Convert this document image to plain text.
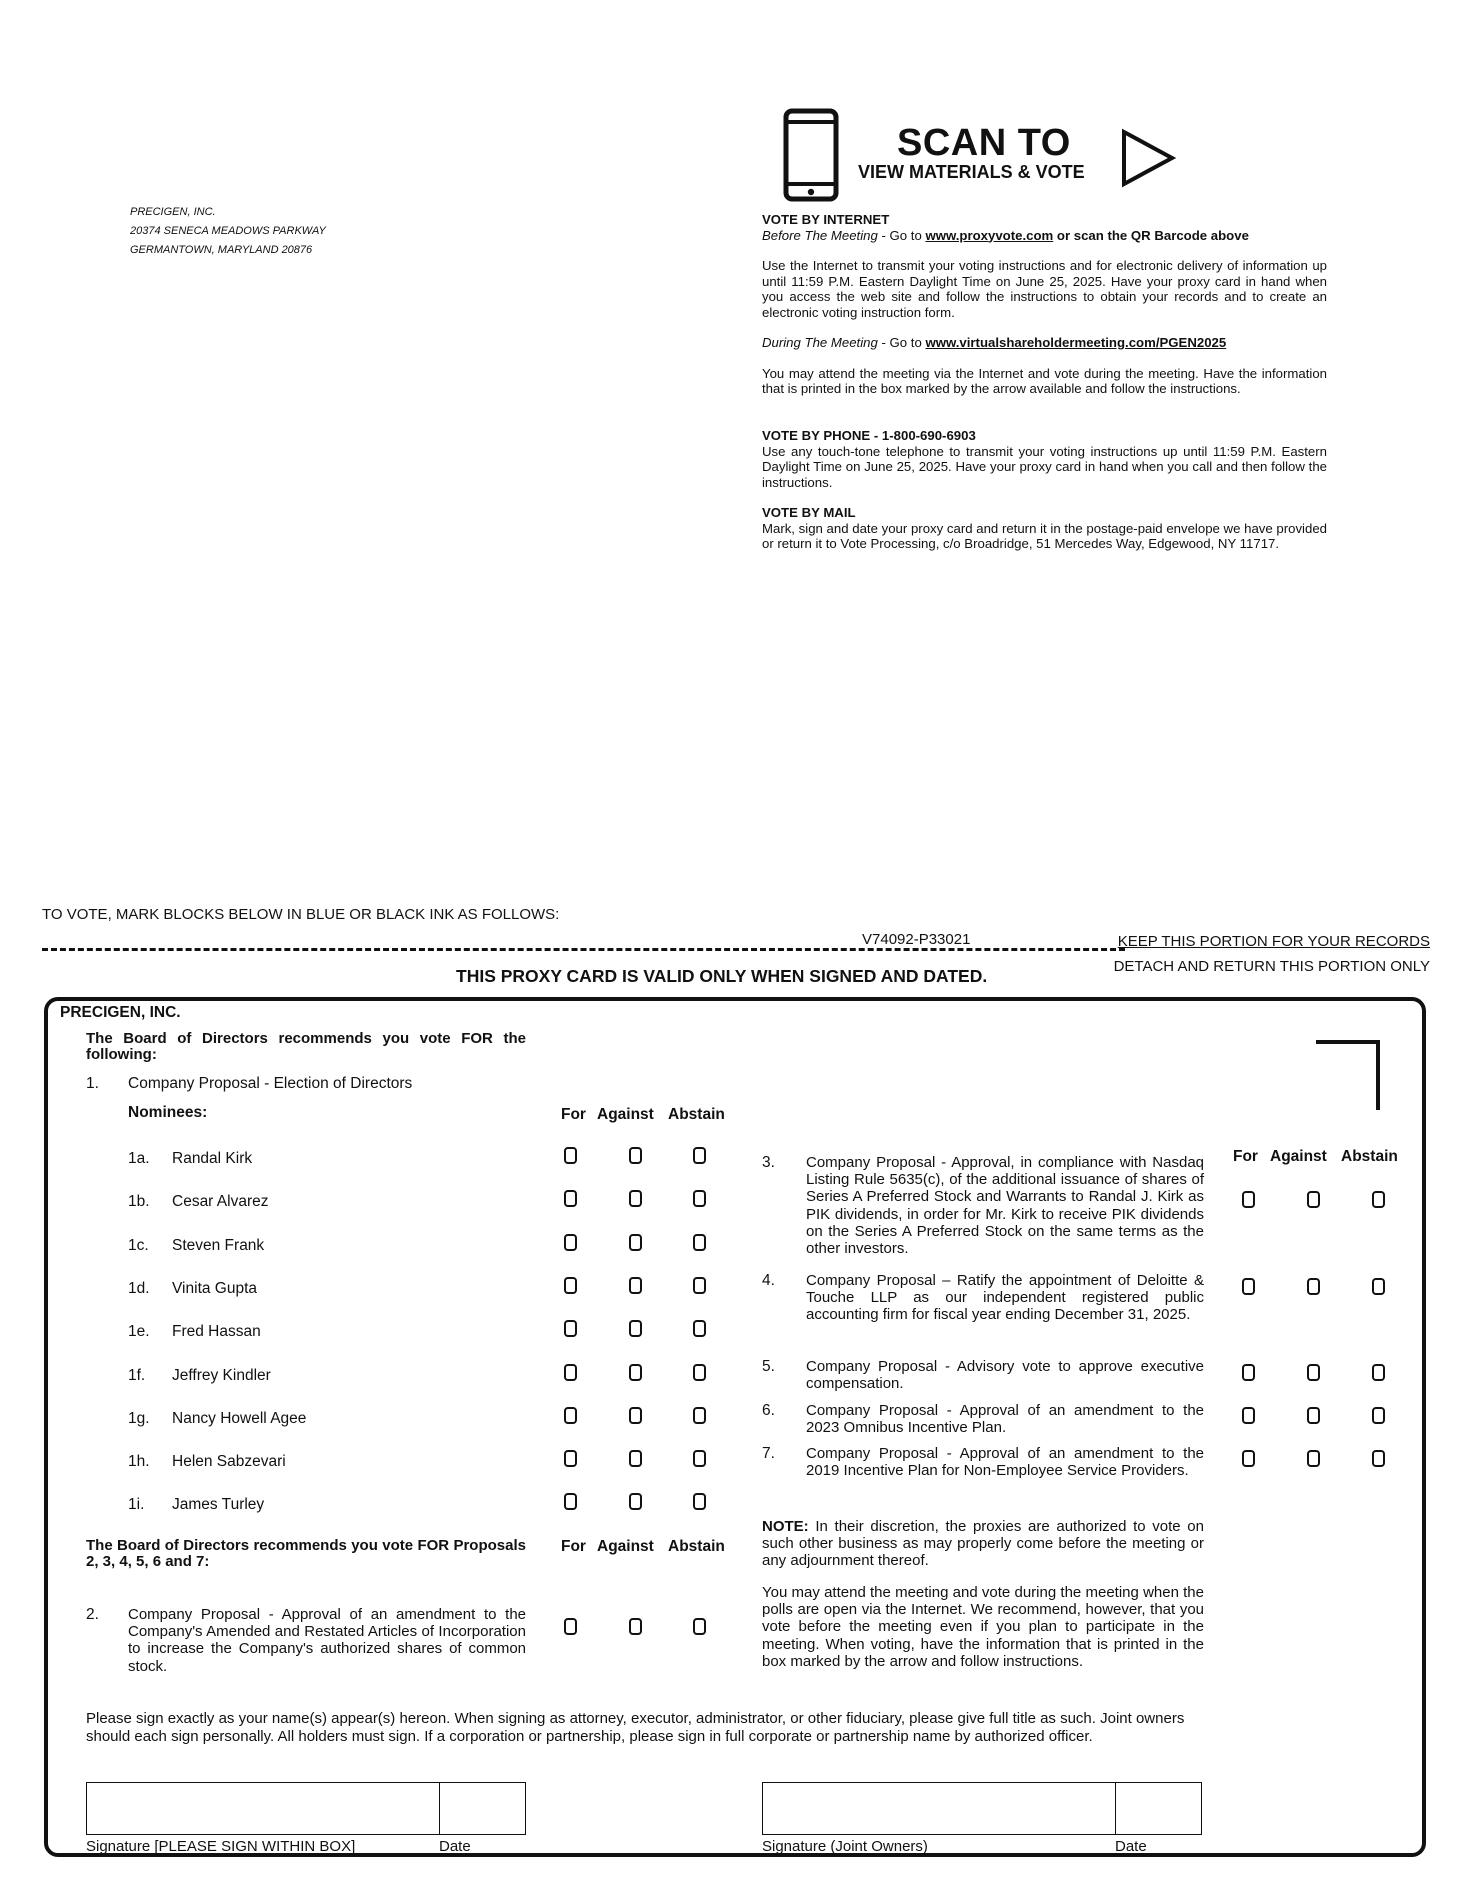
PRECIGEN, INC.
20374 SENECA MEADOWS PARKWAY
GERMANTOWN, MARYLAND 20876
SCAN TO
VIEW MATERIALS & VOTE

VOTE BY INTERNET

Before The Meeting - Go to www.proxyvote.com or scan the QR Barcode above

Use the Internet to transmit your voting instructions and for electronic delivery of information up until 11:59 P.M. Eastern Daylight Time on June 25, 2025. Have your proxy card in hand when you access the web site and follow the instructions to obtain your records and to create an electronic voting instruction form.

During The Meeting - Go to www.virtualshareholdermeeting.com/PGEN2025

You may attend the meeting via the Internet and vote during the meeting. Have the information that is printed in the box marked by the arrow available and follow the instructions.

VOTE BY PHONE - 1-800-690-6903

Use any touch-tone telephone to transmit your voting instructions up until 11:59 P.M. Eastern Daylight Time on June 25, 2025. Have your proxy card in hand when you call and then follow the instructions.

VOTE BY MAIL

Mark, sign and date your proxy card and return it in the postage-paid envelope we have provided or return it to Vote Processing, c/o Broadridge, 51 Mercedes Way, Edgewood, NY 11717.

TO VOTE, MARK BLOCKS BELOW IN BLUE OR BLACK INK AS FOLLOWS:
V74092-P33021	KEEP THIS PORTION FOR YOUR RECORDS
DETACH AND RETURN THIS PORTION ONLY
THIS PROXY CARD IS VALID ONLY WHEN SIGNED AND DATED.
PRECIGEN, INC.
The Board of Directors recommends you vote FOR the following:
1. Company Proposal - Election of Directors
Nominees:	For Against Abstain
1a. Randal Kirk
1b. Cesar Alvarez
1c. Steven Frank
1d. Vinita Gupta
1e. Fred Hassan
1f. Jeffrey Kindler
1g. Nancy Howell Agee
1h. Helen Sabzevari
1i. James Turley
The Board of Directors recommends you vote FOR Proposals 2, 3, 4, 5, 6 and 7:
For Against Abstain
2. Company Proposal - Approval of an amendment to the Company's Amended and Restated Articles of Incorporation to increase the Company's authorized shares of common stock.
For Against Abstain
3. Company Proposal - Approval, in compliance with Nasdaq Listing Rule 5635(c), of the additional issuance of shares of Series A Preferred Stock and Warrants to Randal J. Kirk as PIK dividends, in order for Mr. Kirk to receive PIK dividends on the Series A Preferred Stock on the same terms as the other investors.
4. Company Proposal – Ratify the appointment of Deloitte & Touche LLP as our independent registered public accounting firm for fiscal year ending December 31, 2025.
5. Company Proposal - Advisory vote to approve executive compensation.
6. Company Proposal - Approval of an amendment to the 2023 Omnibus Incentive Plan.
7. Company Proposal - Approval of an amendment to the 2019 Incentive Plan for Non-Employee Service Providers.
NOTE: In their discretion, the proxies are authorized to vote on such other business as may properly come before the meeting or any adjournment thereof.
You may attend the meeting and vote during the meeting when the polls are open via the Internet. We recommend, however, that you vote before the meeting even if you plan to participate in the meeting. When voting, have the information that is printed in the box marked by the arrow and follow instructions.
Please sign exactly as your name(s) appear(s) hereon. When signing as attorney, executor, administrator, or other fiduciary, please give full title as such. Joint owners should each sign personally. All holders must sign. If a corporation or partnership, please sign in full corporate or partnership name by authorized officer.
Signature [PLEASE SIGN WITHIN BOX]	Date	Signature (Joint Owners)	Date
